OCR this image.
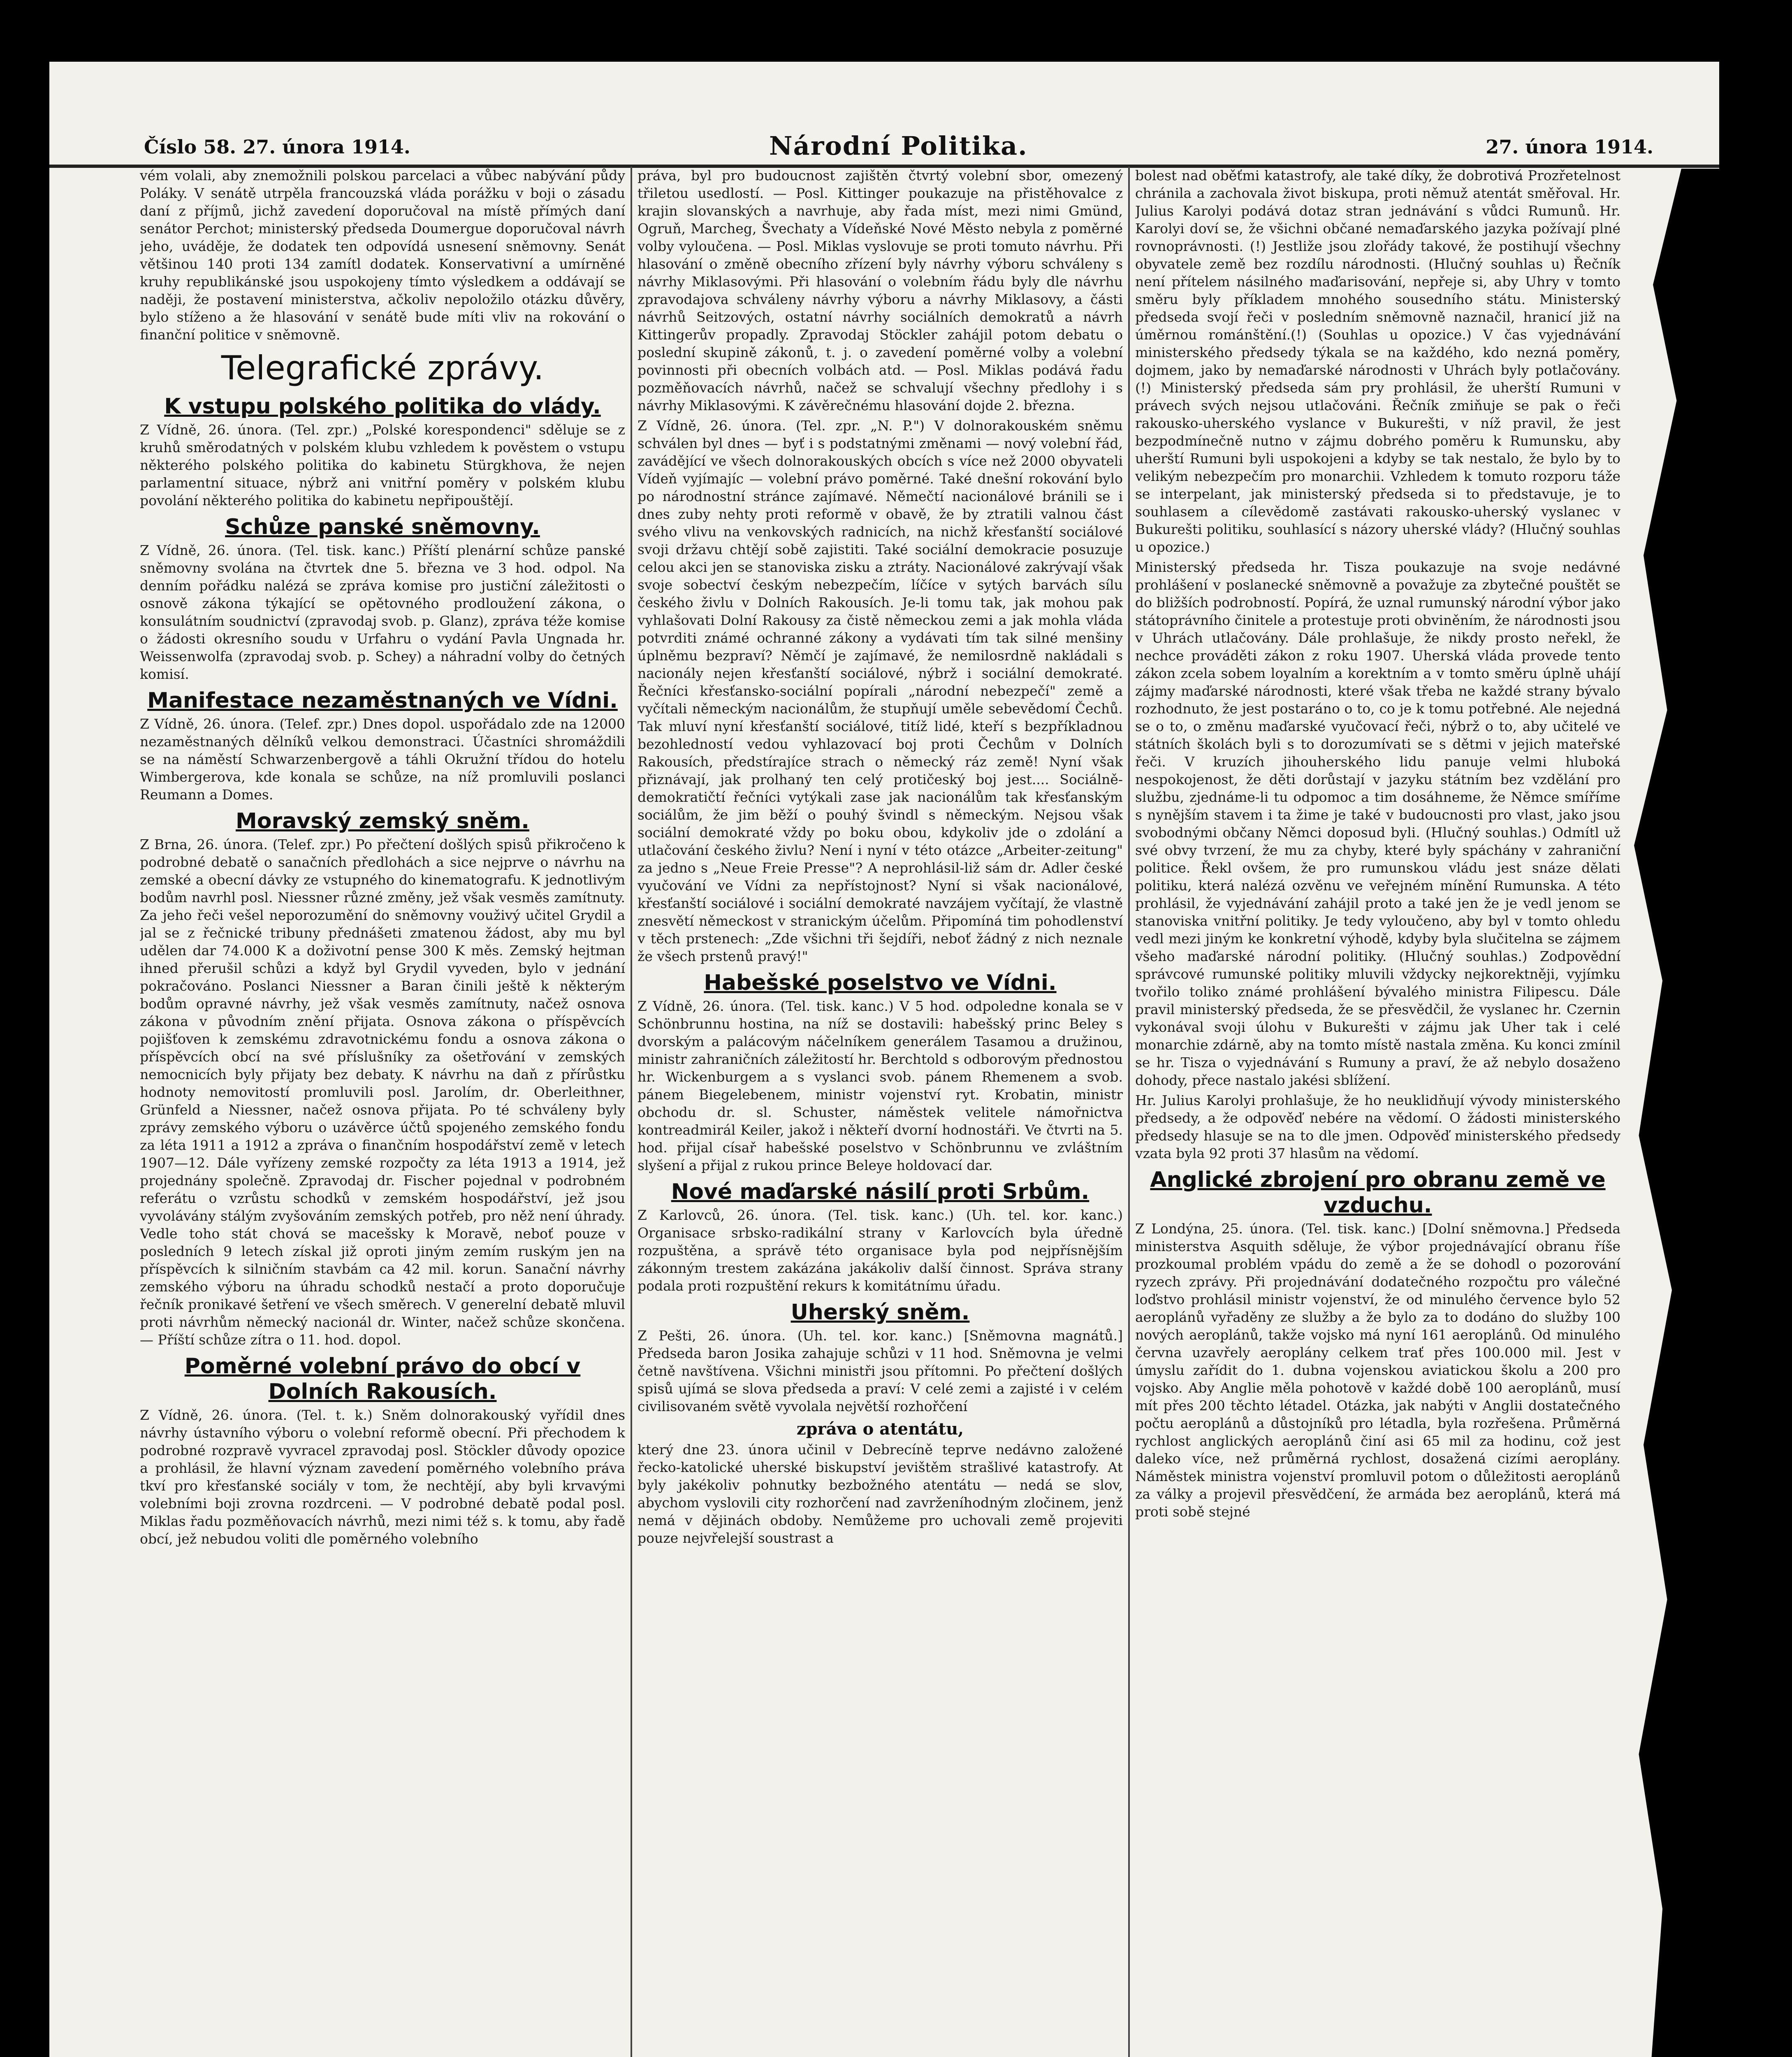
Číslo 58. 27. února 1914.	Národní Politika.	27. února 1914.

vém volali, aby znemožnili polskou parcelaci a vůbec nabývání půdy Poláky. V senátě utrpěla francouzská vláda porážku v boji o zásadu daní z příjmů, jichž zavedení doporučoval na místě přímých daní senátor Perchot; ministerský předseda Doumergue doporučoval návrh jeho, uváděje, že dodatek ten odpovídá usnesení sněmovny. Senát většinou 140 proti 134 zamítl dodatek. Konservativní a umírněné kruhy republikánské jsou uspokojeny tímto výsledkem a oddávají se naději, že postavení ministerstva, ačkoliv nepoložilo otázku důvěry, bylo stíženo a že hlasování v senátě bude míti vliv na rokování o finanční politice v sněmovně.

Telegrafické zprávy.
K vstupu polského politika do vlády.

Z Vídně, 26. února. (Tel. zpr.) „Polské korespondenci" sděluje se z kruhů směrodatných v polském klubu vzhledem k pověstem o vstupu některého polského politika do kabinetu Stürgkhova, že nejen parlamentní situace, nýbrž ani vnitřní poměry v polském klubu povolání některého politika do kabinetu nepřipouštějí.

Schůze panské sněmovny.

Z Vídně, 26. února. (Tel. tisk. kanc.) Příští plenární schůze panské sněmovny svolána na čtvrtek dne 5. března ve 3 hod. odpol. Na denním pořádku nalézá se zpráva komise pro justiční záležitosti o osnově zákona týkající se opětovného prodloužení zákona, o konsulátním soudnictví (zpravodaj svob. p. Glanz), zpráva téže komise o žádosti okresního soudu v Urfahru o vydání Pavla Ungnada hr. Weissenwolfa (zpravodaj svob. p. Schey) a náhradní volby do četných komisí.

Manifestace nezaměstnaných ve Vídni.

Z Vídně, 26. února. (Telef. zpr.) Dnes dopol. uspořádalo zde na 12000 nezaměstnaných dělníků velkou demonstraci. Účastníci shromáždili se na náměstí Schwarzenbergově a táhli Okružní třídou do hotelu Wimbergerova, kde konala se schůze, na níž promluvili poslanci Reumann a Domes.

Moravský zemský sněm.

Z Brna, 26. února. (Telef. zpr.) Po přečtení došlých spisů přikročeno k podrobné debatě o sanačních předlohách a sice nejprve o návrhu na zemské a obecní dávky ze vstupného do kinematografu. K jednotlivým bodům navrhl posl. Niessner různé změny, jež však vesměs zamítnuty. Za jeho řeči vešel neporozumění do sněmovny vouživý učitel Grydil a jal se z řečnické tribuny přednášeti zmatenou žádost, aby mu byl udělen dar 74.000 K a doživotní pense 300 K měs. Zemský hejtman ihned přerušil schůzi a když byl Grydil vyveden, bylo v jednání pokračováno. Poslanci Niessner a Baran činili ještě k některým bodům opravné návrhy, jež však vesměs zamítnuty, načež osnova zákona v původním znění přijata. Osnova zákona o příspěvcích pojišťoven k zemskému zdravotnickému fondu a osnova zákona o příspěvcích obcí na své příslušníky za ošetřování v zemských nemocnicích byly přijaty bez debaty. K návrhu na daň z přírůstku hodnoty nemovitostí promluvili posl. Jarolím, dr. Oberleithner, Grünfeld a Niessner, načež osnova přijata. Po té schváleny byly zprávy zemského výboru o uzávěrce účtů spojeného zemského fondu za léta 1911 a 1912 a zpráva o finančním hospodářství země v letech 1907—12. Dále vyřízeny zemské rozpočty za léta 1913 a 1914, jež projednány společně. Zpravodaj dr. Fischer pojednal v podrobném referátu o vzrůstu schodků v zemském hospodářství, jež jsou vyvolávány stálým zvyšováním zemských potřeb, pro něž není úhrady. Vedle toho stát chová se macešsky k Moravě, neboť pouze v posledních 9 letech získal již oproti jiným zemím ruským jen na příspěvcích k silničním stavbám ca 42 mil. korun. Sanační návrhy zemského výboru na úhradu schodků nestačí a proto doporučuje řečník pronikavé šetření ve všech směrech. V generelní debatě mluvil proti návrhům německý nacionál dr. Winter, načež schůze skončena. — Příští schůze zítra o 11. hod. dopol.

Poměrné volební právo do obcí v Dolních Rakousích.

Z Vídně, 26. února. (Tel. t. k.) Sněm dolnorakouský vyřídil dnes návrhy ústavního výboru o volební reformě obecní. Při přechodem k podrobné rozpravě vyvracel zpravodaj posl. Stöckler důvody opozice a prohlásil, že hlavní význam zavedení poměrného volebního práva tkví pro křesťanské sociály v tom, že nechtějí, aby byli krvavými volebními boji zrovna rozdrceni. — V podrobné debatě podal posl. Miklas řadu pozměňovacích návrhů, mezi nimi též s. k tomu, aby řadě obcí, jež nebudou voliti dle poměrného volebního

práva, byl pro budoucnost zajištěn čtvrtý volební sbor, omezený třiletou usedlostí. — Posl. Kittinger poukazuje na přistěhovalce z krajin slovanských a navrhuje, aby řada míst, mezi nimi Gmünd, Ogruň, Marcheg, Švechaty a Vídeňské Nové Město nebyla z poměrné volby vyloučena. — Posl. Miklas vyslovuje se proti tomuto návrhu. Při hlasování o změně obecního zřízení byly návrhy výboru schváleny s návrhy Miklasovými. Při hlasování o volebním řádu byly dle návrhu zpravodajova schváleny návrhy výboru a návrhy Miklasovy, a části návrhů Seitzových, ostatní návrhy sociálních demokratů a návrh Kittingerův propadly. Zpravodaj Stöckler zahájil potom debatu o poslední skupině zákonů, t. j. o zavedení poměrné volby a volební povinnosti při obecních volbách atd. — Posl. Miklas podává řadu pozměňovacích návrhů, načež se schvalují všechny předlohy i s návrhy Miklasovými. K závěrečnému hlasování dojde 2. března.

Z Vídně, 26. února. (Tel. zpr. „N. P.") V dolnorakouském sněmu schválen byl dnes — byť i s podstatnými změnami — nový volební řád, zavádějící ve všech dolnorakouských obcích s více než 2000 obyvateli Vídeň vyjímajíc — volební právo poměrné. Také dnešní rokování bylo po národnostní stránce zajímavé. Němečtí nacionálové bránili se i dnes zuby nehty proti reformě v obavě, že by ztratili valnou část svého vlivu na venkovských radnicích, na nichž křesťanští sociálové svoji državu chtějí sobě zajistiti. Také sociální demokracie posuzuje celou akci jen se stanoviska zisku a ztráty. Nacionálové zakrývají však svoje sobectví českým nebezpečím, líčíce v sytých barvách sílu českého živlu v Dolních Rakousích. Je-li tomu tak, jak mohou pak vyhlašovati Dolní Rakousy za čistě německou zemi a jak mohla vláda potvrditi známé ochranné zákony a vydávati tím tak silné menšiny úplněmu bezpraví? Němčí je zajímavé, že nemilosrdně nakládali s nacionály nejen křesťanští sociálové, nýbrž i sociální demokraté. Řečníci křesťansko-sociální popírali „národní nebezpečí" země a vyčítali německým nacionálům, že stupňují uměle sebevědomí Čechů. Tak mluví nyní křesťanští sociálové, titíž lidé, kteří s bezpříkladnou bezohledností vedou vyhlazovací boj proti Čechům v Dolních Rakousích, předstírajíce strach o německý ráz země! Nyní však přiznávají, jak prolhaný ten celý protičeský boj jest.... Sociálně-demokratičtí řečníci vytýkali zase jak nacionálům tak křesťanským sociálům, že jim běží o pouhý švindl s německým. Nejsou však sociální demokraté vždy po boku obou, kdykoliv jde o zdolání a utlačování českého živlu? Není i nyní v této otázce „Arbeiter-zeitung" za jedno s „Neue Freie Presse"? A neprohlásil-liž sám dr. Adler české vyučování ve Vídni za nepřístojnost? Nyní si však nacionálové, křesťanští sociálové i sociální demokraté navzájem vyčítají, že vlastně znesvětí německost v stranickým účelům. Připomíná tim pohodlenství v těch prstenech: „Zde všichni tři šejdíři, neboť žádný z nich neznale že všech prstenů pravý!"

Habešské poselstvo ve Vídni.

Z Vídně, 26. února. (Tel. tisk. kanc.) V 5 hod. odpoledne konala se v Schönbrunnu hostina, na níž se dostavili: habešský princ Beley s dvorským a palácovým náčelníkem generálem Tasamou a družinou, ministr zahraničních záležitostí hr. Berchtold s odborovým přednostou hr. Wickenburgem a s vyslanci svob. pánem Rhemenem a svob. pánem Biegelebenem, ministr vojenství ryt. Krobatin, ministr obchodu dr. sl. Schuster, náměstek velitele námořnictva kontreadmirál Keiler, jakož i někteří dvorní hodnostáři. Ve čtvrti na 5. hod. přijal císař habešské poselstvo v Schönbrunnu ve zvláštním slyšení a přijal z rukou prince Beleye holdovací dar.

Nové maďarské násilí proti Srbům.

Z Karlovců, 26. února. (Tel. tisk. kanc.) (Uh. tel. kor. kanc.) Organisace srbsko-radikální strany v Karlovcích byla úředně rozpuštěna, a správě této organisace byla pod nejpřísnějším zákonným trestem zakázána jakákoliv další činnost. Správa strany podala proti rozpuštění rekurs k komitátnímu úřadu.

Uherský sněm.

Z Pešti, 26. února. (Uh. tel. kor. kanc.) [Sněmovna magnátů.] Předseda baron Josika zahajuje schůzi v 11 hod. Sněmovna je velmi četně navštívena. Všichni ministři jsou přítomni. Po přečtení došlých spisů ujímá se slova předseda a praví: V celé zemi a zajisté i v celém civilisovaném světě vyvolala největší rozhořčení

zpráva o atentátu,

který dne 23. února učinil v Debrecíně teprve nedávno založené řecko-katolické uherské biskupství jevištěm strašlivé katastrofy. At byly jakékoliv pohnutky bezbožného atentátu — nedá se slov, abychom vyslovili city rozhorčení nad zavrženíhodným zločinem, jenž nemá v dějinách obdoby. Nemůžeme pro uchovali země projeviti pouze nejvřelejší soustrast a

bolest nad oběťmi katastrofy, ale také díky, že dobrotivá Prozřetelnost chránila a zachovala život biskupa, proti němuž atentát směřoval. Hr. Julius Karolyi podává dotaz stran jednávání s vůdci Rumunů. Hr. Karolyi doví se, že všichni občané nemaďarského jazyka požívají plné rovnoprávnosti. (!) Jestliže jsou zlořády takové, že postihují všechny obyvatele země bez rozdílu národnosti. (Hlučný souhlas u) Řečník není přítelem násilného maďarisování, nepřeje si, aby Uhry v tomto směru byly příkladem mnohého sousedního státu. Ministerský předseda svojí řeči v posledním sněmovně naznačil, hranicí již na úměrnou románštění.(!) (Souhlas u opozice.) V čas vyjednávání ministerského předsedy týkala se na každého, kdo nezná poměry, dojmem, jako by nemaďarské národnosti v Uhrách byly potlačovány. (!) Ministerský předseda sám pry prohlásil, že uherští Rumuni v právech svých nejsou utlačováni. Řečník zmiňuje se pak o řeči rakousko-uherského vyslance v Bukurešti, v níž pravil, že jest bezpodmínečně nutno v zájmu dobrého poměru k Rumunsku, aby uherští Rumuni byli uspokojeni a kdyby se tak nestalo, že bylo by to velikým nebezpečím pro monarchii. Vzhledem k tomuto rozporu táže se interpelant, jak ministerský předseda si to představuje, je to souhlasem a cílevědomě zastávati rakousko-uherský vyslanec v Bukurešti politiku, souhlasící s názory uherské vlády? (Hlučný souhlas u opozice.)

Ministerský předseda hr. Tisza poukazuje na svoje nedávné prohlášení v poslanecké sněmovně a považuje za zbytečné pouštět se do bližších podrobností. Popírá, že uznal rumunský národní výbor jako státoprávního činitele a protestuje proti obviněním, že národnosti jsou v Uhrách utlačovány. Dále prohlašuje, že nikdy prosto neřekl, že nechce prováděti zákon z roku 1907. Uherská vláda provede tento zákon zcela sobem loyalním a korektním a v tomto směru úplně uhájí zájmy maďarské národnosti, které však třeba ne každé strany bývalo rozhodnuto, že jest postaráno o to, co je k tomu potřebné. Ale nejedná se o to, o změnu maďarské vyučovací řeči, nýbrž o to, aby učitelé ve státních školách byli s to dorozumívati se s dětmi v jejich mateřské řeči. V kruzích jihouherského lidu panuje velmi hluboká nespokojenost, že děti dorůstají v jazyku státním bez vzdělání pro službu, zjednáme-li tu odpomoc a tim dosáhneme, že Němce smíříme s nynějším stavem i ta žime je také v budoucnosti pro vlast, jako jsou svobodnými občany Němci doposud byli. (Hlučný souhlas.) Odmítl už své obvy tvrzení, že mu za chyby, které byly spáchány v zahraniční politice. Řekl ovšem, že pro rumunskou vládu jest snáze dělati politiku, která nalézá ozvěnu ve veřejném mínění Rumunska. A této prohlásil, že vyjednávání zahájil proto a také jen že je vedl jenom se stanoviska vnitřní politiky. Je tedy vyloučeno, aby byl v tomto ohledu vedl mezi jiným ke konkretní výhodě, kdyby byla slučitelna se zájmem všeho maďarské národní politiky. (Hlučný souhlas.) Zodpovědní správcové rumunské politiky mluvili vždycky nejkorektněji, vyjímku tvořilo toliko známé prohlášení bývalého ministra Filipescu. Dále pravil ministerský předseda, že se přesvědčil, že vyslanec hr. Czernin vykonával svoji úlohu v Bukurešti v zájmu jak Uher tak i celé monarchie zdárně, aby na tomto místě nastala změna. Ku konci zmínil se hr. Tisza o vyjednávání s Rumuny a praví, že až nebylo dosaženo dohody, přece nastalo jakési sblížení.

Hr. Julius Karolyi prohlašuje, že ho neuklidňují vývody ministerského předsedy, a že odpověď nebére na vědomí. O žádosti ministerského předsedy hlasuje se na to dle jmen. Odpověď ministerského předsedy vzata byla 92 proti 37 hlasům na vědomí.

Anglické zbrojení pro obranu země ve vzduchu.

Z Londýna, 25. února. (Tel. tisk. kanc.) [Dolní sněmovna.] Předseda ministerstva Asquith sděluje, že výbor projednávající obranu říše prozkoumal problém vpádu do země a že se dohodl o pozorování ryzech zprávy. Při projednávání dodatečného rozpočtu pro válečné loďstvo prohlásil ministr vojenství, že od minulého července bylo 52 aeroplánů vyřaděny ze služby a že bylo za to dodáno do služby 100 nových aeroplánů, takže vojsko má nyní 161 aeroplánů. Od minulého června uzavřely aeroplány celkem trať přes 100.000 mil. Jest v úmyslu zařídit do 1. dubna vojenskou aviatickou školu a 200 pro vojsko. Aby Anglie měla pohotově v každé době 100 aeroplánů, musí mít přes 200 těchto létadel. Otázka, jak nabýti v Anglii dostatečného počtu aeroplánů a důstojníků pro létadla, byla rozřešena. Průměrná rychlost anglických aeroplánů činí asi 65 mil za hodinu, což jest daleko více, než průměrná rychlost, dosažená cizími aeroplány. Náměstek ministra vojenství promluvil potom o důležitosti aeroplánů za války a projevil přesvědčení, že armáda bez aeroplánů, která má proti sobě stejné
